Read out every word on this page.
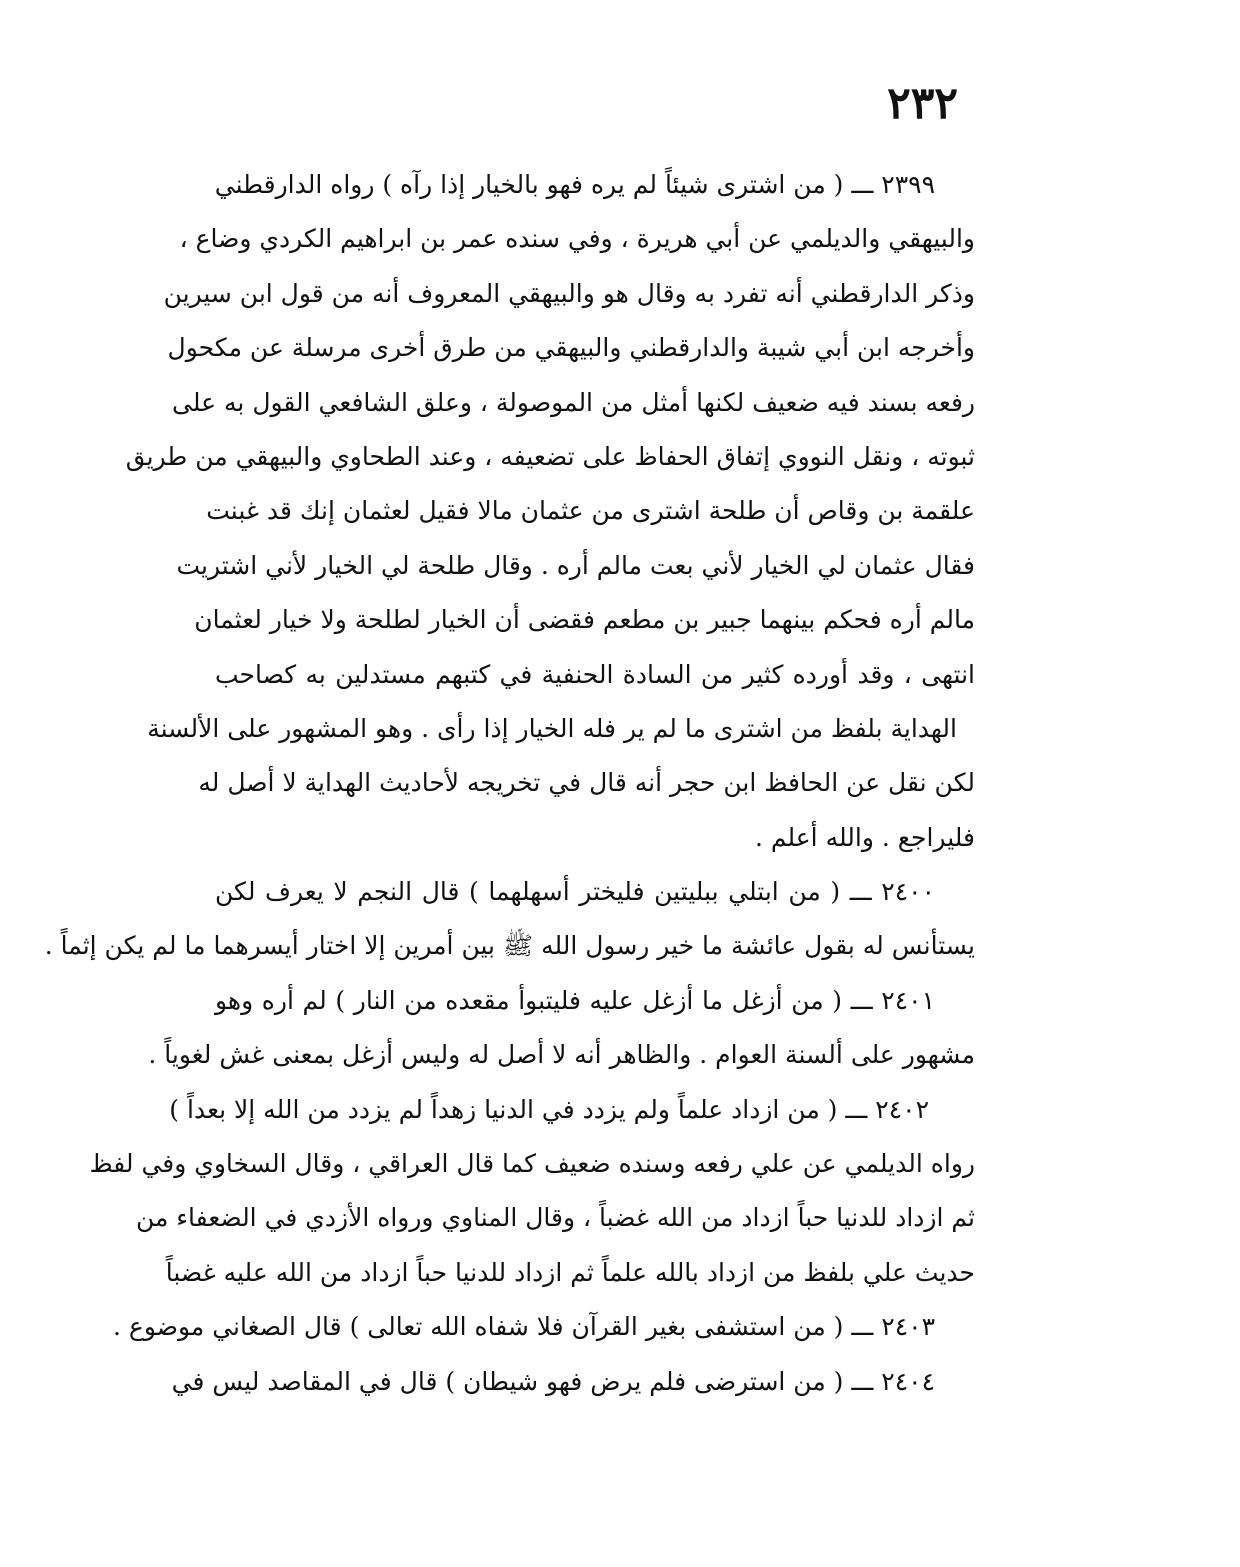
٢٣٢
٢٣٩٩ ـــ ( من اشترى شيئاً لم يره فهو بالخيار إذا رآه ) رواه الدارقطني
والبيهقي والديلمي عن أبي هريرة ، وفي سنده عمر بن ابراهيم الكردي وضاع ،
وذكر الدارقطني أنه تفرد به وقال هو والبيهقي المعروف أنه من قول ابن سيرين
وأخرجه ابن أبي شيبة والدارقطني والبيهقي من طرق أخرى مرسلة عن مكحول
رفعه بسند فيه ضعيف لكنها أمثل من الموصولة ، وعلق الشافعي القول به على
ثبوته ، ونقل النووي إتفاق الحفاظ على تضعيفه ، وعند الطحاوي والبيهقي من طريق
علقمة بن وقاص أن طلحة اشترى من عثمان مالا فقيل لعثمان إنك قد غبنت
فقال عثمان لي الخيار لأني بعت مالم أره . وقال طلحة لي الخيار لأني اشتريت
مالم أره فحكم بينهما جبير بن مطعم فقضى أن الخيار لطلحة ولا خيار لعثمان
انتهى ، وقد أورده كثير من السادة الحنفية في كتبهم مستدلين به كصاحب
الهداية بلفظ من اشترى ما لم ير فله الخيار إذا رأى . وهو المشهور على الألسنة
لكن نقل عن الحافظ ابن حجر أنه قال في تخريجه لأحاديث الهداية لا أصل له
فليراجع . والله أعلم .
٢٤٠٠ ـــ ( من ابتلي ببليتين فليختر أسهلهما ) قال النجم لا يعرف لكن
يستأنس له بقول عائشة ما خير رسول الله ﷺ بين أمرين إلا اختار أيسرهما ما لم يكن إثماً .
٢٤٠١ ـــ ( من أزغل ما أزغل عليه فليتبوأ مقعده من النار ) لم أره وهو
مشهور على ألسنة العوام . والظاهر أنه لا أصل له وليس أزغل بمعنى غش لغوياً .
٢٤٠٢ ـــ ( من ازداد علماً ولم يزدد في الدنيا زهداً لم يزدد من الله إلا بعداً )
رواه الديلمي عن علي رفعه وسنده ضعيف كما قال العراقي ، وقال السخاوي وفي لفظ
ثم ازداد للدنيا حباً ازداد من الله غضباً ، وقال المناوي ورواه الأزدي في الضعفاء من
حديث علي بلفظ من ازداد بالله علماً ثم ازداد للدنيا حباً ازداد من الله عليه غضباً
٢٤٠٣ ـــ ( من استشفى بغير القرآن فلا شفاه الله تعالى ) قال الصغاني موضوع .
٢٤٠٤ ـــ ( من استرضى فلم يرض فهو شيطان ) قال في المقاصد ليس في
